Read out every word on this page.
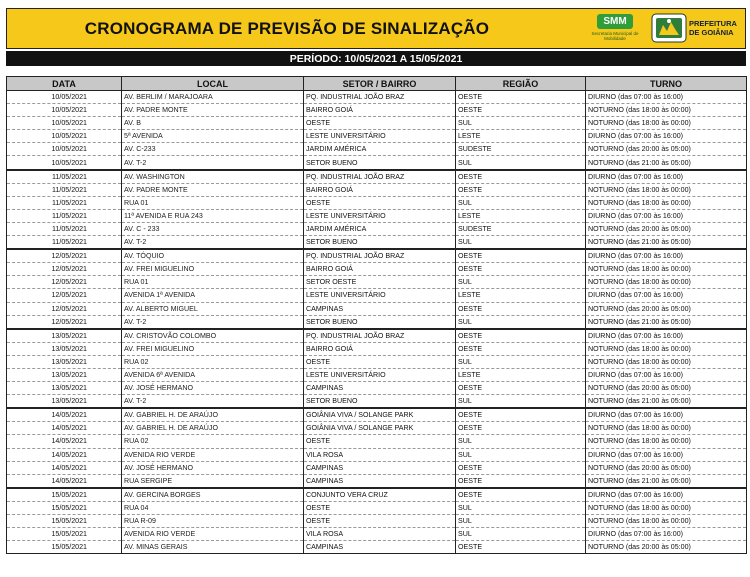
CRONOGRAMA DE PREVISÃO DE SINALIZAÇÃO	SMM
Secretaria Municipal de Mobilidade
PREFEITURA DE GOIÂNIA
PERÍODO: 10/05/2021 A 15/05/2021
DATA	LOCAL	SETOR / BAIRRO	REGIÃO	TURNO
10/05/2021	AV. BERLIM / MARAJOARA	PQ. INDUSTRIAL JOÃO BRAZ	OESTE	DIURNO (das 07:00 às 16:00)
10/05/2021	AV. PADRE MONTE	BAIRRO GOIÁ	OESTE	NOTURNO (das 18:00 às 00:00)
10/05/2021	AV. B	OESTE	SUL	NOTURNO (das 18:00 às 00:00)
10/05/2021	5ª AVENIDA	LESTE UNIVERSITÁRIO	LESTE	DIURNO (das 07:00 às 16:00)
10/05/2021	AV. C-233	JARDIM AMÉRICA	SUDESTE	NOTURNO (das 20:00 às 05:00)
10/05/2021	AV. T-2	SETOR BUENO	SUL	NOTURNO (das 21:00 às 05:00)
11/05/2021	AV. WASHINGTON	PQ. INDUSTRIAL JOÃO BRAZ	OESTE	DIURNO (das 07:00 às 16:00)
11/05/2021	AV. PADRE MONTE	BAIRRO GOIÁ	OESTE	NOTURNO (das 18:00 às 00:00)
11/05/2021	RUA 01	OESTE	SUL	NOTURNO (das 18:00 às 00:00)
11/05/2021	11ª AVENIDA E RUA 243	LESTE UNIVERSITÁRIO	LESTE	DIURNO (das 07:00 às 16:00)
11/05/2021	AV. C - 233	JARDIM AMÉRICA	SUDESTE	NOTURNO (das 20:00 às 05:00)
11/05/2021	AV. T-2	SETOR BUENO	SUL	NOTURNO (das 21:00 às 05:00)
12/05/2021	AV. TÓQUIO	PQ. INDUSTRIAL JOÃO BRAZ	OESTE	DIURNO (das 07:00 às 16:00)
12/05/2021	AV. FREI MIGUELINO	BAIRRO GOIÁ	OESTE	NOTURNO (das 18:00 às 00:00)
12/05/2021	RUA 01	SETOR OESTE	SUL	NOTURNO (das 18:00 às 00:00)
12/05/2021	AVENIDA 1ª AVENIDA	LESTE UNIVERSITÁRIO	LESTE	DIURNO (das 07:00 às 16:00)
12/05/2021	AV. ALBERTO MIGUEL	CAMPINAS	OESTE	NOTURNO (das 20:00 às 05:00)
12/05/2021	AV. T-2	SETOR BUENO	SUL	NOTURNO (das 21:00 às 05:00)
13/05/2021	AV. CRISTOVÃO COLOMBO	PQ. INDUSTRIAL JOÃO BRAZ	OESTE	DIURNO (das 07:00 às 16:00)
13/05/2021	AV. FREI MIGUELINO	BAIRRO GOIÁ	OESTE	NOTURNO (das 18:00 às 00:00)
13/05/2021	RUA 02	OESTE	SUL	NOTURNO (das 18:00 às 00:00)
13/05/2021	AVENIDA 6ª AVENIDA	LESTE UNIVERSITÁRIO	LESTE	DIURNO (das 07:00 às 16:00)
13/05/2021	AV. JOSÉ HERMANO	CAMPINAS	OESTE	NOTURNO (das 20:00 às 05:00)
13/05/2021	AV. T-2	SETOR BUENO	SUL	NOTURNO (das 21:00 às 05:00)
14/05/2021	AV. GABRIEL H. DE ARAÚJO	GOIÂNIA VIVA / SOLANGE PARK	OESTE	DIURNO (das 07:00 às 16:00)
14/05/2021	AV. GABRIEL H. DE ARAÚJO	GOIÂNIA VIVA / SOLANGE PARK	OESTE	NOTURNO (das 18:00 às 00:00)
14/05/2021	RUA 02	OESTE	SUL	NOTURNO (das 18:00 às 00:00)
14/05/2021	AVENIDA RIO VERDE	VILA ROSA	SUL	DIURNO (das 07:00 às 16:00)
14/05/2021	AV. JOSÉ HERMANO	CAMPINAS	OESTE	NOTURNO (das 20:00 às 05:00)
14/05/2021	RUA SERGIPE	CAMPINAS	OESTE	NOTURNO (das 21:00 às 05:00)
15/05/2021	AV. GERCINA BORGES	CONJUNTO VERA CRUZ	OESTE	DIURNO (das 07:00 às 16:00)
15/05/2021	RUA 04	OESTE	SUL	NOTURNO (das 18:00 às 00:00)
15/05/2021	RUA R-09	OESTE	SUL	NOTURNO (das 18:00 às 00:00)
15/05/2021	AVENIDA RIO VERDE	VILA ROSA	SUL	DIURNO (das 07:00 às 16:00)
15/05/2021	AV. MINAS GERAIS	CAMPINAS	OESTE	NOTURNO (das 20:00 às 05:00)
